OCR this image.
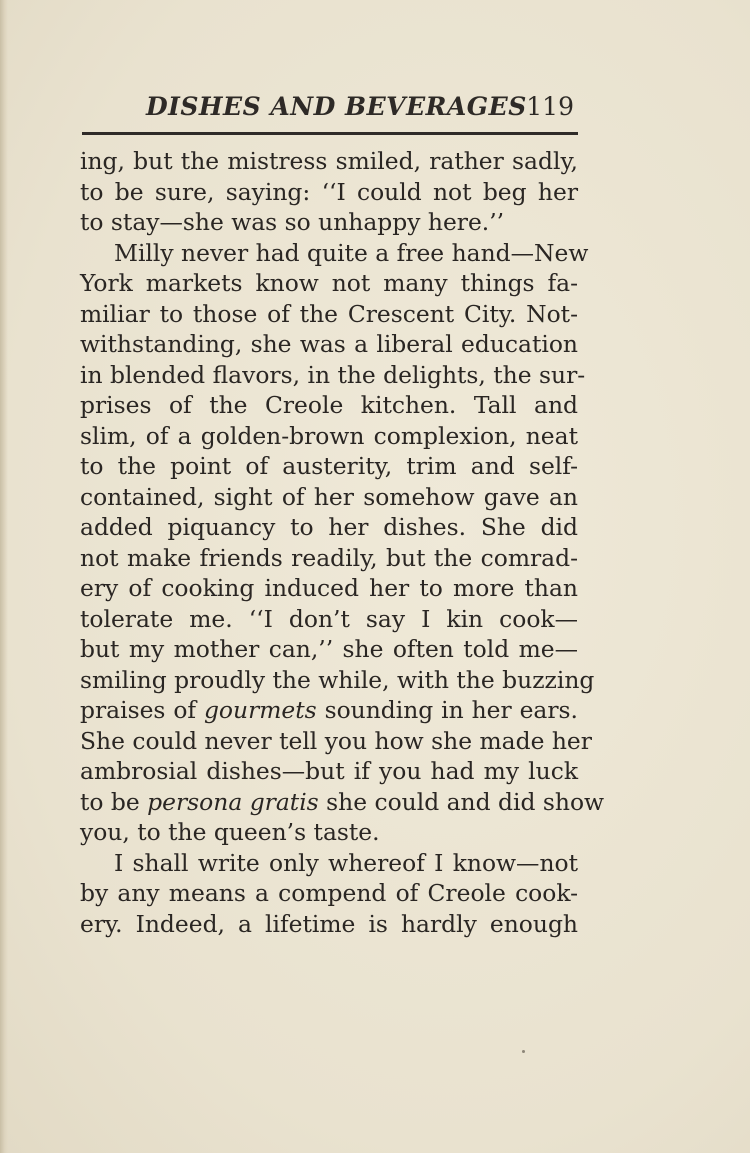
DISHES AND BEVERAGES 119
ing, but the mistress smiled, rather sadly,
to be sure, saying: ‘‘I could not beg her
to stay—she was so unhappy here.’’
Milly never had quite a free hand—New
York markets know not many things fa-
miliar to those of the Crescent City. Not-
withstanding, she was a liberal education
in blended flavors, in the delights, the sur-
prises of the Creole kitchen. Tall and
slim, of a golden-brown complexion, neat
to the point of austerity, trim and self-
contained, sight of her somehow gave an
added piquancy to her dishes. She did
not make friends readily, but the comrad-
ery of cooking induced her to more than
tolerate me. ‘‘I don’t say I kin cook—
but my mother can,’’ she often told me—
smiling proudly the while, with the buzzing
praises of gourmets sounding in her ears.
She could never tell you how she made her
ambrosial dishes—but if you had my luck
to be persona gratis she could and did show
you, to the queen’s taste.
I shall write only whereof I know—not
by any means a compend of Creole cook-
ery. Indeed, a lifetime is hardly enough
